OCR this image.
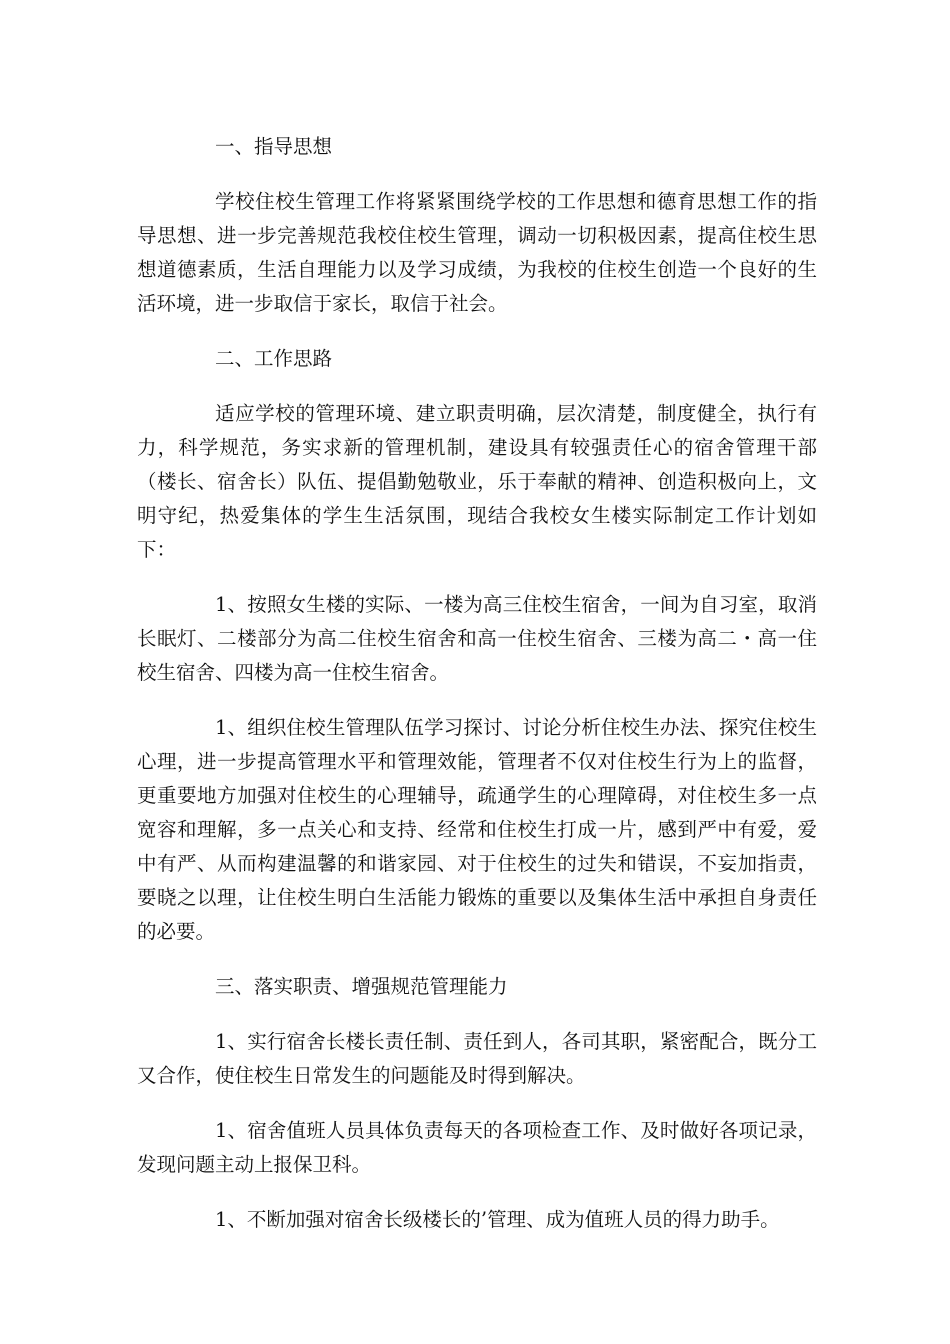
一、指导思想
学校住校生管理工作将紧紧围绕学校的工作思想和德育思想工作的指导思想、进一步完善规范我校住校生管理，调动一切积极因素，提高住校生思想道德素质，生活自理能力以及学习成绩，为我校的住校生创造一个良好的生活环境，进一步取信于家长，取信于社会。
二、工作思路
适应学校的管理环境、建立职责明确，层次清楚，制度健全，执行有力，科学规范，务实求新的管理机制，建设具有较强责任心的宿舍管理干部（楼长、宿舍长）队伍、提倡勤勉敬业，乐于奉献的精神、创造积极向上，文明守纪，热爱集体的学生生活氛围，现结合我校女生楼实际制定工作计划如下：
1、按照女生楼的实际、一楼为高三住校生宿舍，一间为自习室，取消长眠灯、二楼部分为高二住校生宿舍和高一住校生宿舍、三楼为高二・高一住校生宿舍、四楼为高一住校生宿舍。
1、组织住校生管理队伍学习探讨、讨论分析住校生办法、探究住校生心理，进一步提高管理水平和管理效能，管理者不仅对住校生行为上的监督，更重要地方加强对住校生的心理辅导，疏通学生的心理障碍，对住校生多一点宽容和理解，多一点关心和支持、经常和住校生打成一片，感到严中有爱，爱中有严、从而构建温馨的和谐家园、对于住校生的过失和错误，不妄加指责，要晓之以理，让住校生明白生活能力锻炼的重要以及集体生活中承担自身责任的必要。
三、落实职责、增强规范管理能力
1、实行宿舍长楼长责任制、责任到人，各司其职，紧密配合，既分工又合作，使住校生日常发生的问题能及时得到解决。
1、宿舍值班人员具体负责每天的各项检查工作、及时做好各项记录，发现问题主动上报保卫科。
1、不断加强对宿舍长级楼长的’管理、成为值班人员的得力助手。
